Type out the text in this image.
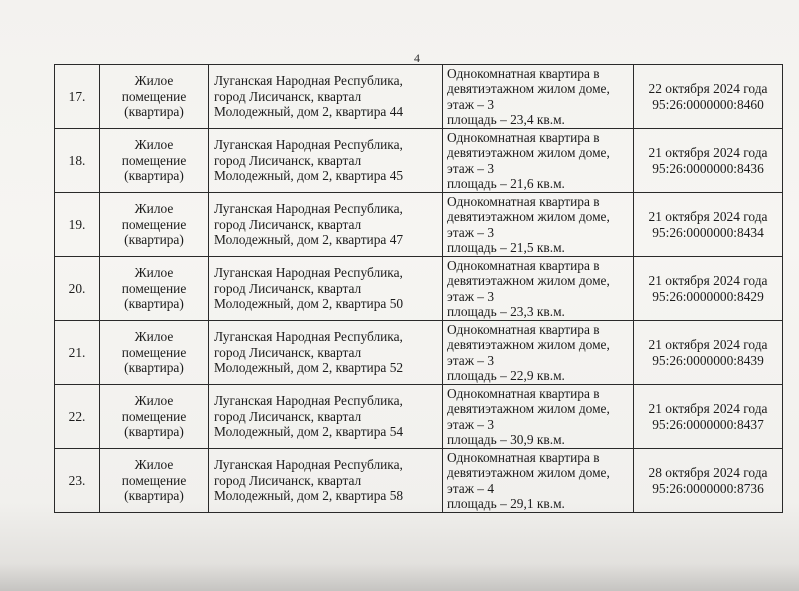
4
17.	Жилое
помещение
(квартира)	Луганская Народная Республика,
город Лисичанск, квартал
Молодежный, дом 2, квартира 44	Однокомнатная квартира в
девятиэтажном жилом доме,
этаж – 3
площадь – 23,4 кв.м.	22 октября 2024 года
95:26:0000000:8460

18.	Жилое
помещение
(квартира)	Луганская Народная Республика,
город Лисичанск, квартал
Молодежный, дом 2, квартира 45	Однокомнатная квартира в
девятиэтажном жилом доме,
этаж – 3
площадь – 21,6 кв.м.	21 октября 2024 года
95:26:0000000:8436

19.	Жилое
помещение
(квартира)	Луганская Народная Республика,
город Лисичанск, квартал
Молодежный, дом 2, квартира 47	Однокомнатная квартира в
девятиэтажном жилом доме,
этаж – 3
площадь – 21,5 кв.м.	21 октября 2024 года
95:26:0000000:8434

20.	Жилое
помещение
(квартира)	Луганская Народная Республика,
город Лисичанск, квартал
Молодежный, дом 2, квартира 50	Однокомнатная квартира в
девятиэтажном жилом доме,
этаж – 3
площадь – 23,3 кв.м.	21 октября 2024 года
95:26:0000000:8429

21.	Жилое
помещение
(квартира)	Луганская Народная Республика,
город Лисичанск, квартал
Молодежный, дом 2, квартира 52	Однокомнатная квартира в
девятиэтажном жилом доме,
этаж – 3
площадь – 22,9 кв.м.	21 октября 2024 года
95:26:0000000:8439

22.	Жилое
помещение
(квартира)	Луганская Народная Республика,
город Лисичанск, квартал
Молодежный, дом 2, квартира 54	Однокомнатная квартира в
девятиэтажном жилом доме,
этаж – 3
площадь – 30,9 кв.м.	21 октября 2024 года
95:26:0000000:8437

23.	Жилое
помещение
(квартира)	Луганская Народная Республика,
город Лисичанск, квартал
Молодежный, дом 2, квартира 58	Однокомнатная квартира в
девятиэтажном жилом доме,
этаж – 4
площадь – 29,1 кв.м.	28 октября 2024 года
95:26:0000000:8736
